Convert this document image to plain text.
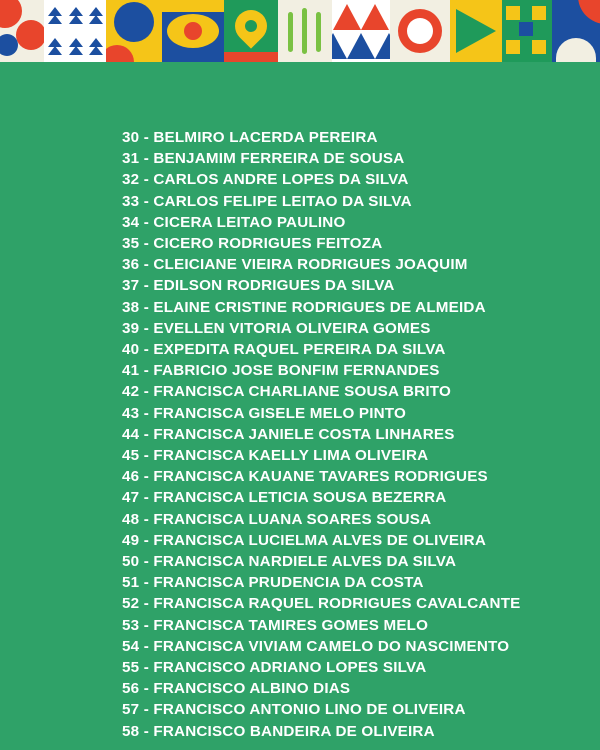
30 - BELMIRO LACERDA PEREIRA
31 - BENJAMIM FERREIRA DE SOUSA
32 - CARLOS ANDRE LOPES DA SILVA
33 - CARLOS FELIPE LEITAO DA SILVA
34 - CICERA LEITAO PAULINO
35 - CICERO RODRIGUES FEITOZA
36 - CLEICIANE VIEIRA RODRIGUES JOAQUIM
37 - EDILSON RODRIGUES DA SILVA
38 - ELAINE CRISTINE RODRIGUES DE ALMEIDA
39 - EVELLEN VITORIA OLIVEIRA GOMES
40 - EXPEDITA RAQUEL PEREIRA DA SILVA
41 - FABRICIO JOSE BONFIM FERNANDES
42 - FRANCISCA CHARLIANE SOUSA BRITO
43 - FRANCISCA GISELE MELO PINTO
44 - FRANCISCA JANIELE COSTA LINHARES
45 - FRANCISCA KAELLY LIMA OLIVEIRA
46 - FRANCISCA KAUANE TAVARES RODRIGUES
47 - FRANCISCA LETICIA SOUSA BEZERRA
48 - FRANCISCA LUANA SOARES SOUSA
49 - FRANCISCA LUCIELMA ALVES DE OLIVEIRA
50 - FRANCISCA NARDIELE ALVES DA SILVA
51 - FRANCISCA PRUDENCIA DA COSTA
52 - FRANCISCA RAQUEL RODRIGUES CAVALCANTE
53 - FRANCISCA TAMIRES GOMES MELO
54 - FRANCISCA VIVIAM CAMELO DO NASCIMENTO
55 - FRANCISCO ADRIANO LOPES SILVA
56 - FRANCISCO ALBINO DIAS
57 - FRANCISCO ANTONIO LINO DE OLIVEIRA
58 - FRANCISCO BANDEIRA DE OLIVEIRA
